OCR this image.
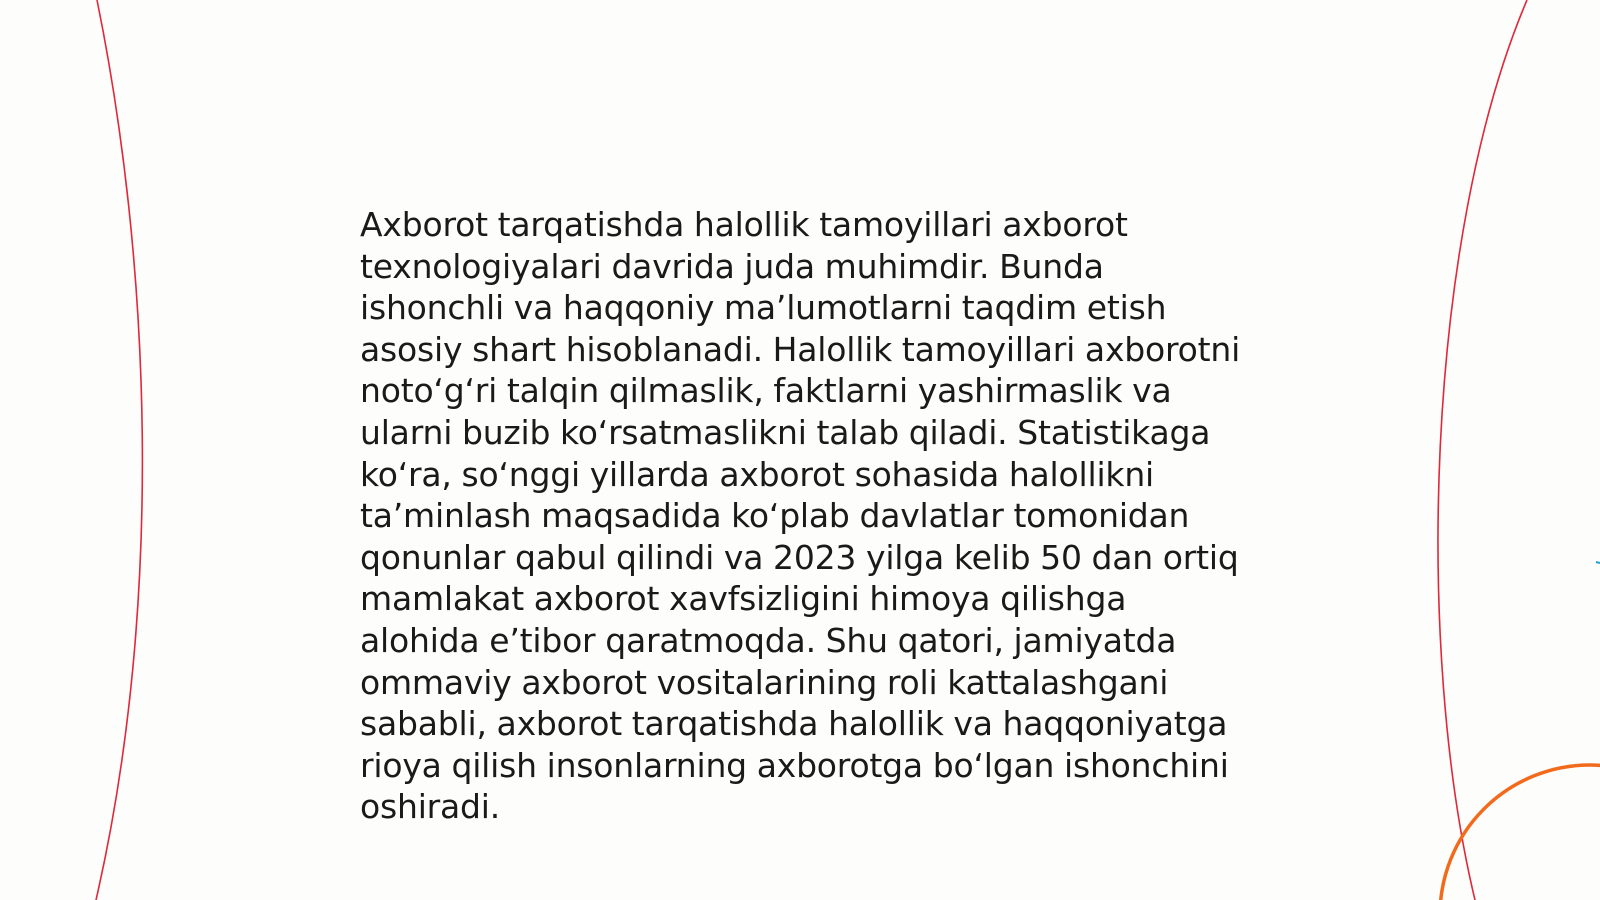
Axborot tarqatishda halollik tamoyillari axborot
texnologiyalari davrida juda muhimdir. Bunda
ishonchli va haqqoniy ma’lumotlarni taqdim etish
asosiy shart hisoblanadi. Halollik tamoyillari axborotni
noto‘g‘ri talqin qilmaslik, faktlarni yashirmaslik va
ularni buzib ko‘rsatmaslikni talab qiladi. Statistikaga
ko‘ra, so‘nggi yillarda axborot sohasida halollikni
ta’minlash maqsadida ko‘plab davlatlar tomonidan
qonunlar qabul qilindi va 2023 yilga kelib 50 dan ortiq
mamlakat axborot xavfsizligini himoya qilishga
alohida e’tibor qaratmoqda. Shu qatori, jamiyatda
ommaviy axborot vositalarining roli kattalashgani
sababli, axborot tarqatishda halollik va haqqoniyatga
rioya qilish insonlarning axborotga bo‘lgan ishonchini
oshiradi.
